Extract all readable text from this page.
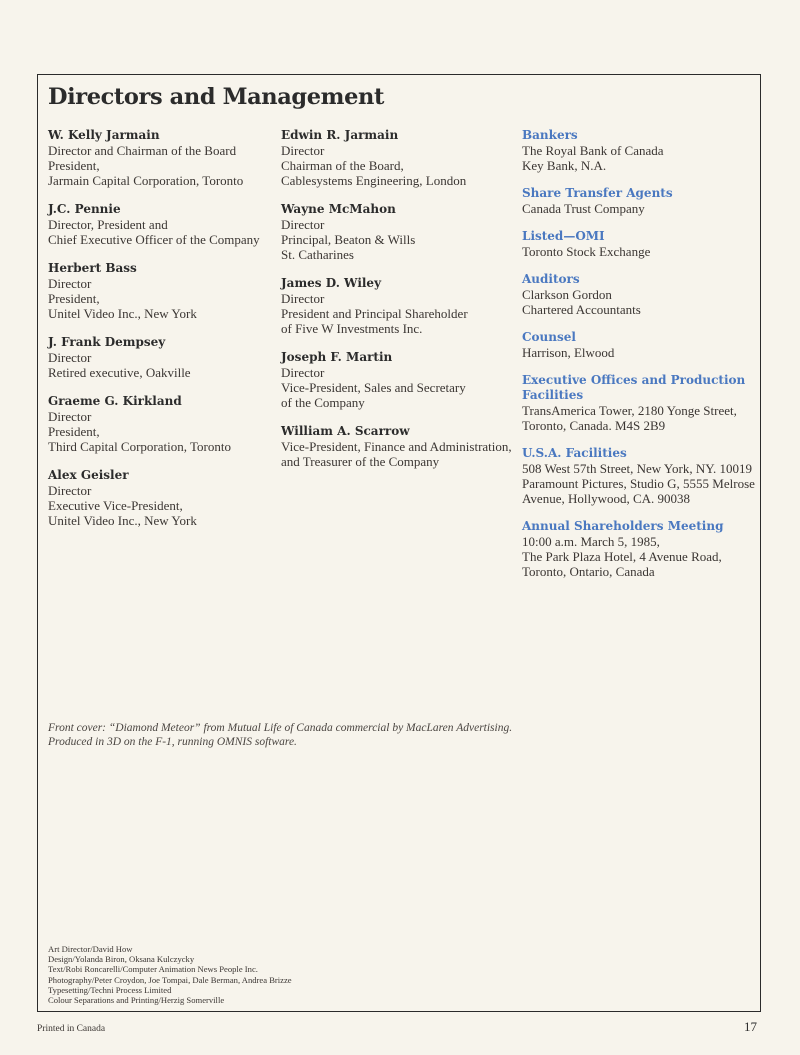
Directors and Management
W. Kelly Jarmain
Director and Chairman of the Board
President,
Jarmain Capital Corporation, Toronto
J.C. Pennie
Director, President and
Chief Executive Officer of the Company
Herbert Bass
Director
President,
Unitel Video Inc., New York
J. Frank Dempsey
Director
Retired executive, Oakville
Graeme G. Kirkland
Director
President,
Third Capital Corporation, Toronto
Alex Geisler
Director
Executive Vice-President,
Unitel Video Inc., New York
Edwin R. Jarmain
Director
Chairman of the Board,
Cablesystems Engineering, London
Wayne McMahon
Director
Principal, Beaton & Wills
St. Catharines
James D. Wiley
Director
President and Principal Shareholder
of Five W Investments Inc.
Joseph F. Martin
Director
Vice-President, Sales and Secretary
of the Company
William A. Scarrow
Vice-President, Finance and Administration,
and Treasurer of the Company
Bankers
The Royal Bank of Canada
Key Bank, N.A.
Share Transfer Agents
Canada Trust Company
Listed—OMI
Toronto Stock Exchange
Auditors
Clarkson Gordon
Chartered Accountants
Counsel
Harrison, Elwood
Executive Offices and Production Facilities
TransAmerica Tower, 2180 Yonge Street,
Toronto, Canada. M4S 2B9
U.S.A. Facilities
508 West 57th Street, New York, NY. 10019
Paramount Pictures, Studio G, 5555 Melrose
Avenue, Hollywood, CA. 90038
Annual Shareholders Meeting
10:00 a.m. March 5, 1985,
The Park Plaza Hotel, 4 Avenue Road,
Toronto, Ontario, Canada
Front cover: “Diamond Meteor” from Mutual Life of Canada commercial by MacLaren Advertising.
Produced in 3D on the F-1, running OMNIS software.
Art Director/David How
Design/Yolanda Biron, Oksana Kulczycky
Text/Robi Roncarelli/Computer Animation News People Inc.
Photography/Peter Croydon, Joe Tompai, Dale Berman, Andrea Brizze
Typesetting/Techni Process Limited
Colour Separations and Printing/Herzig Somerville
Printed in Canada	17
